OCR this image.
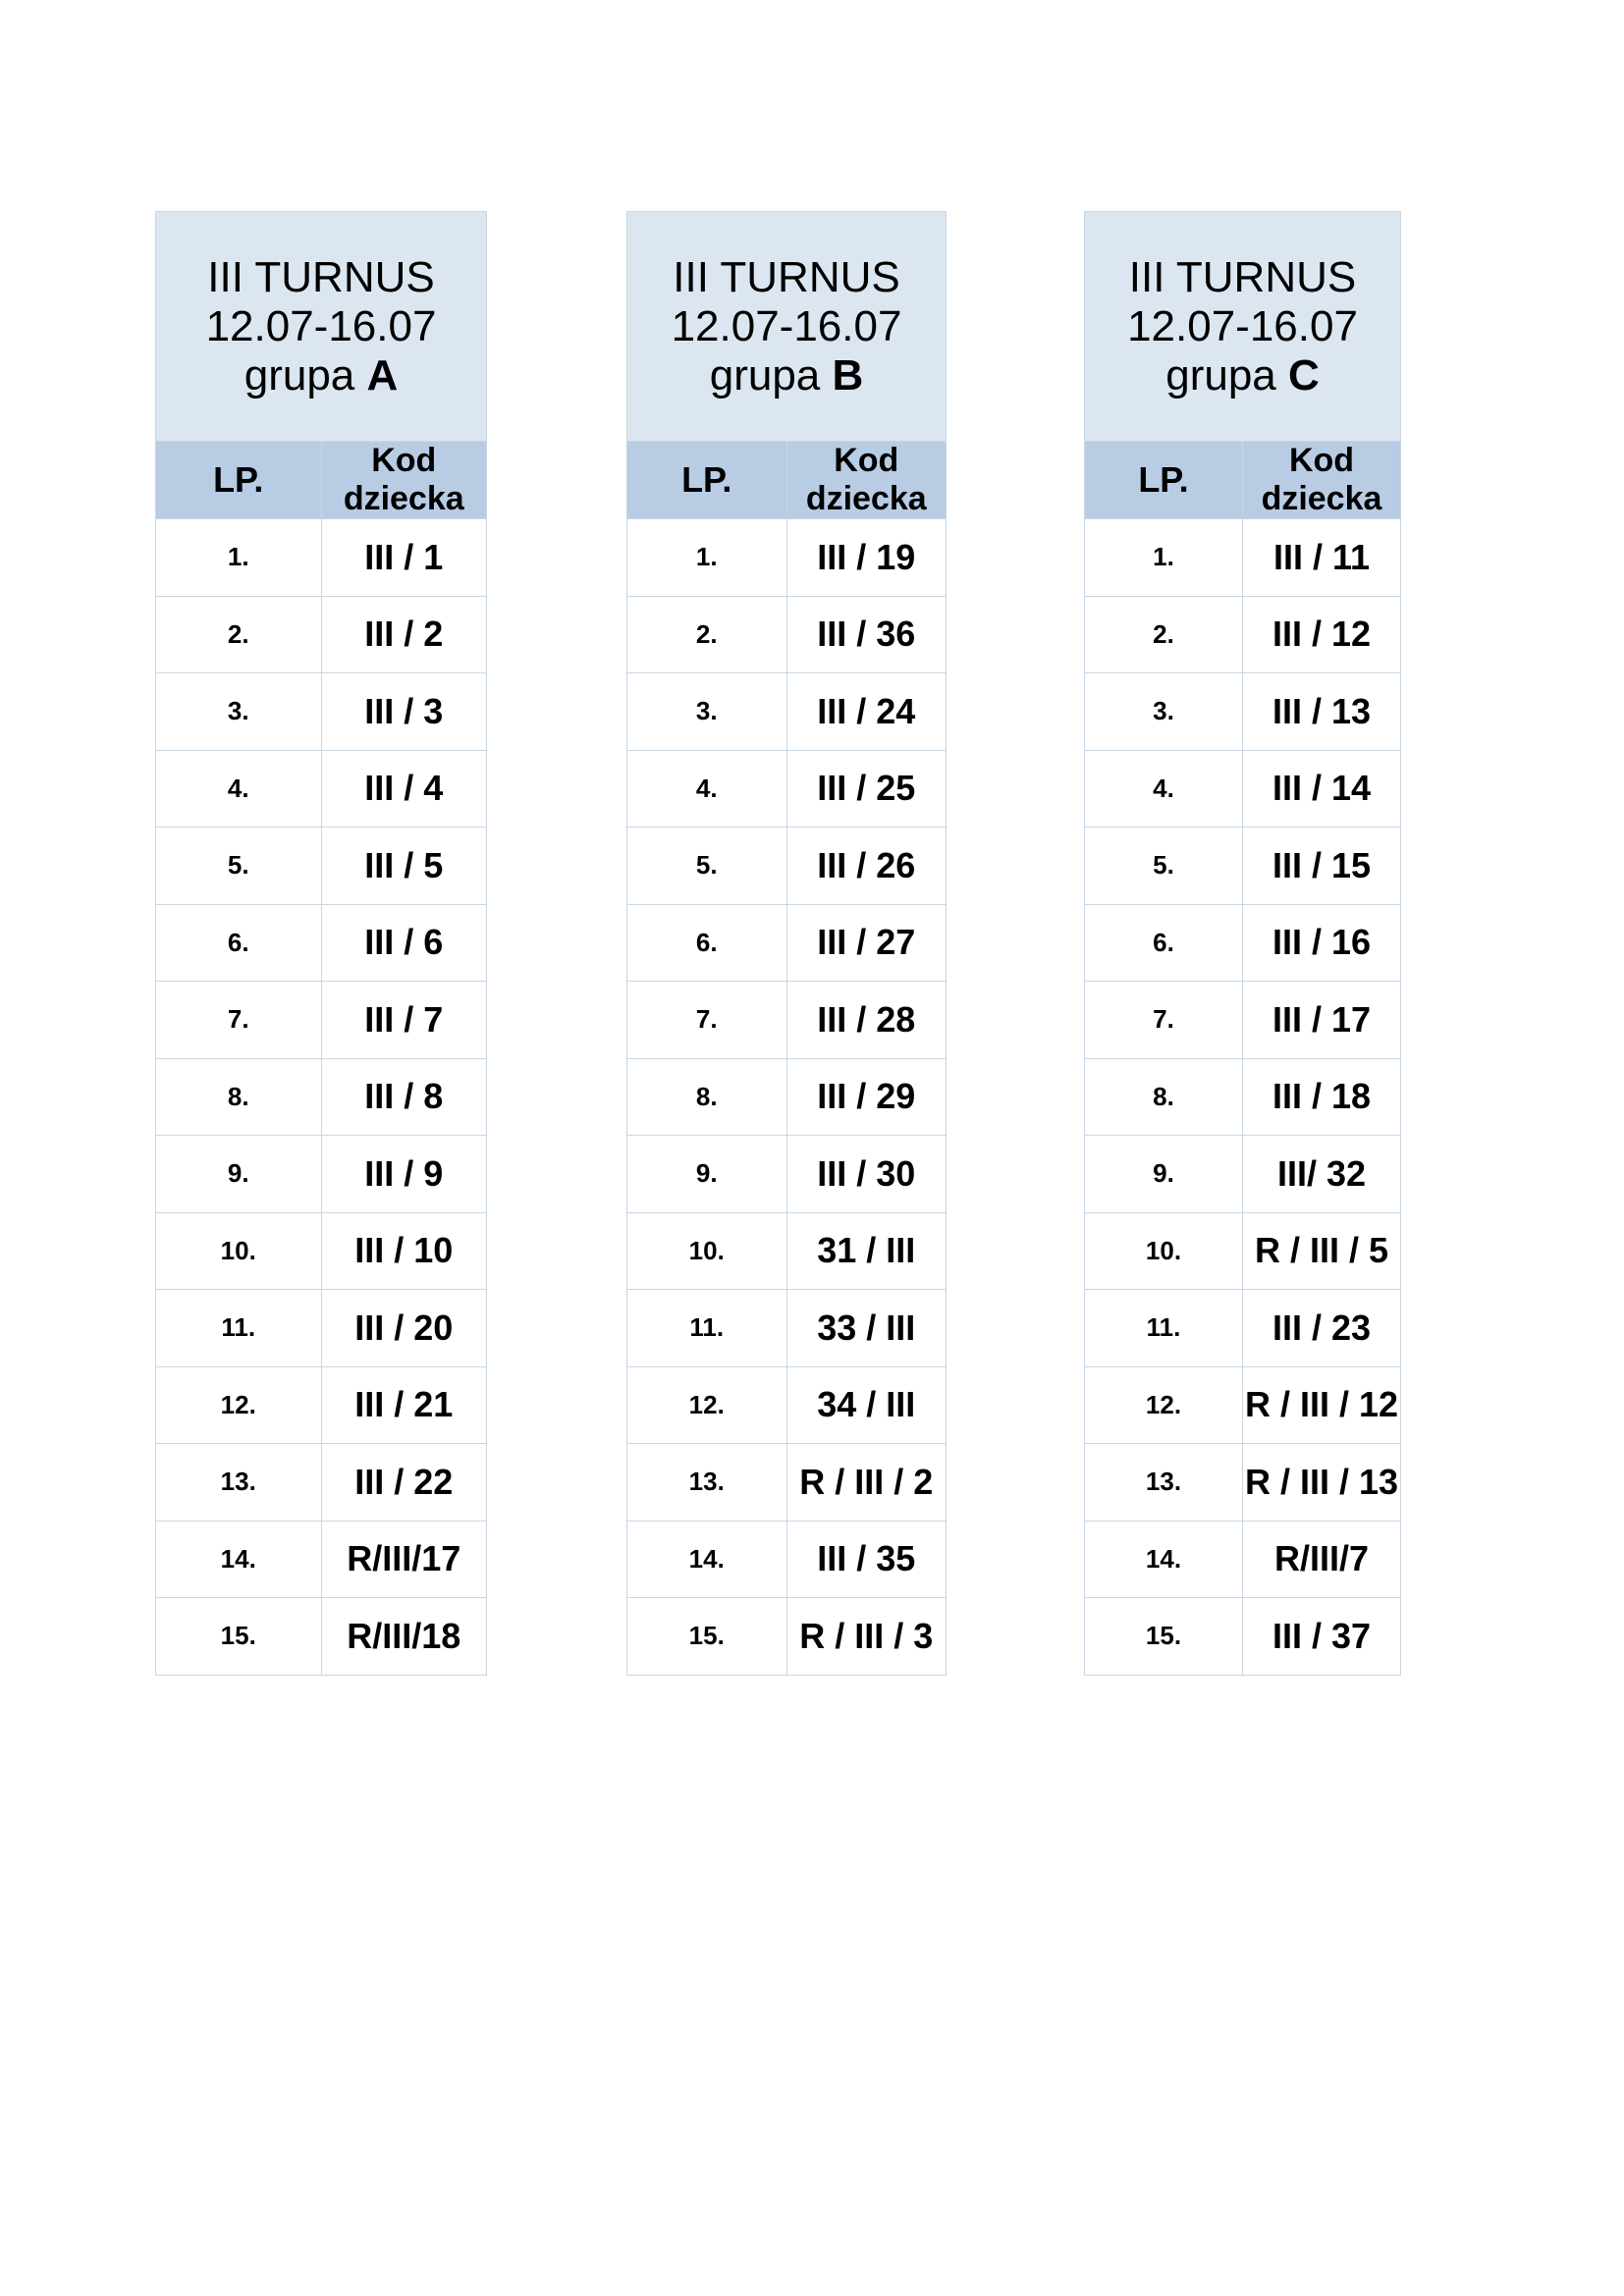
III TURNUS
12.07-16.07
grupa A	

LP.	Kod dziecka
1.	III / 1
2.	III / 2
3.	III / 3
4.	III / 4
5.	III / 5
6.	III / 6
7.	III / 7
8.	III / 8
9.	III / 9
10.	III / 10
11.	III / 20
12.	III / 21
13.	III / 22
14.	R/III/17
15.	R/III/18
III TURNUS
12.07-16.07
grupa B	

LP.	Kod dziecka
1.	III / 19
2.	III / 36
3.	III / 24
4.	III / 25
5.	III / 26
6.	III / 27
7.	III / 28
8.	III / 29
9.	III / 30
10.	31 / III
11.	33 / III
12.	34 / III
13.	R / III / 2
14.	III / 35
15.	R / III / 3
III TURNUS
12.07-16.07
grupa C	

LP.	Kod dziecka
1.	III / 11
2.	III / 12
3.	III / 13
4.	III / 14
5.	III / 15
6.	III / 16
7.	III / 17
8.	III / 18
9.	III/ 32
10.	R / III / 5
11.	III / 23
12.	R / III / 12
13.	R / III / 13
14.	R/III/7
15.	III / 37
